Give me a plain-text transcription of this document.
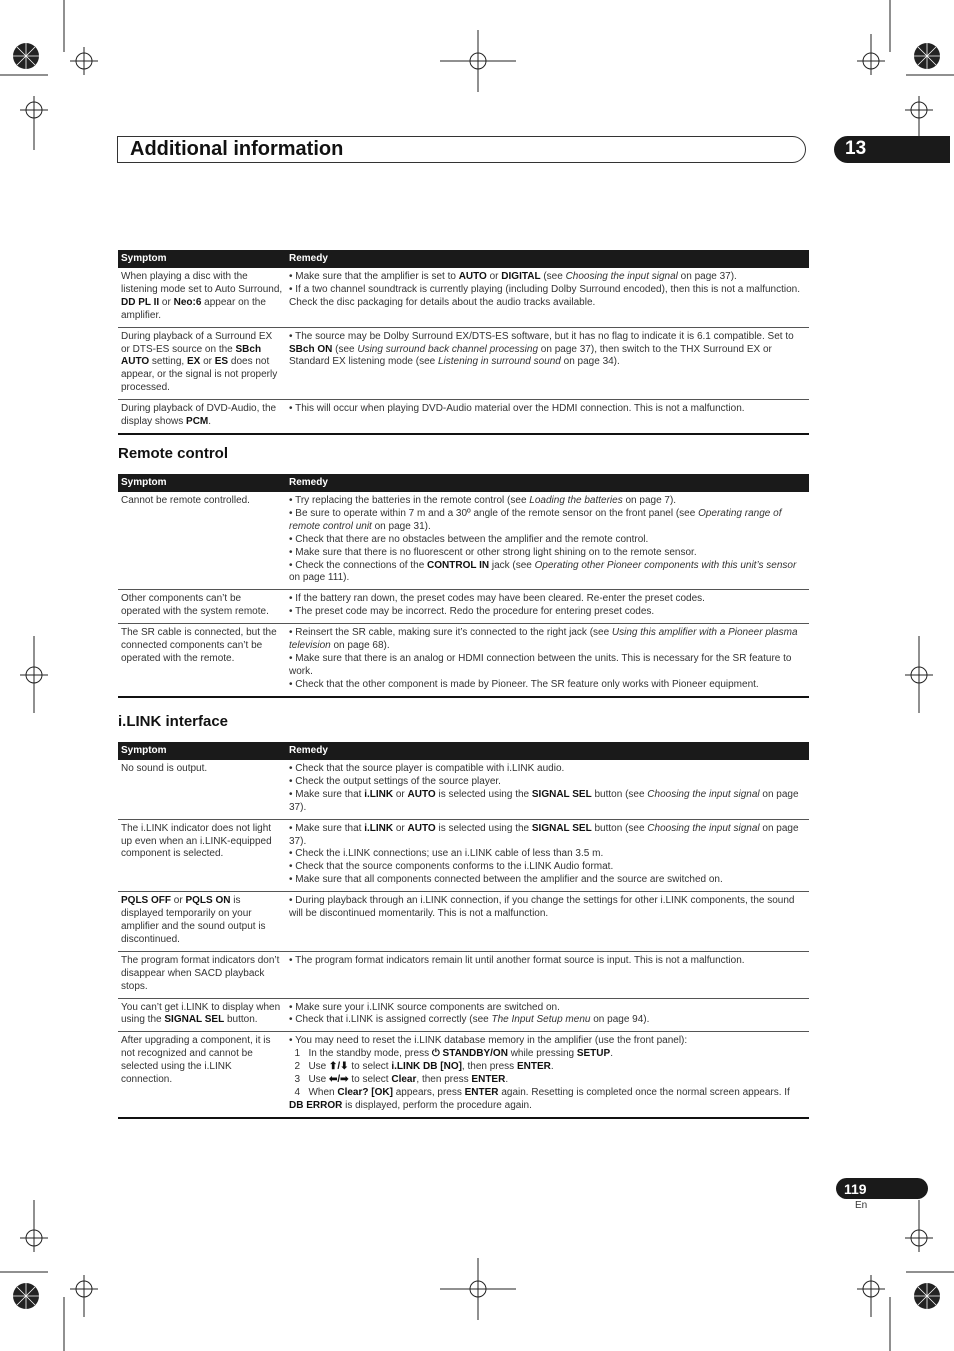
Additional information	13
Symptom	Remedy
When playing a disc with the listening mode set to Auto Surround, DD PL II or Neo:6 appear on the amplifier.	• Make sure that the amplifier is set to AUTO or DIGITAL (see Choosing the input signal on page 37).
• If a two channel soundtrack is currently playing (including Dolby Surround encoded), then this is not a malfunction. Check the disc packaging for details about the audio tracks available.

During playback of a Surround EX or DTS-ES source on the SBch AUTO setting, EX or ES does not appear, or the signal is not properly processed.	• The source may be Dolby Surround EX/DTS-ES software, but it has no flag to indicate it is 6.1 compatible. Set to SBch ON (see Using surround back channel processing on page 37), then switch to the THX Surround EX or Standard EX listening mode (see Listening in surround sound on page 34).
During playback of DVD-Audio, the display shows PCM.	• This will occur when playing DVD-Audio material over the HDMI connection. This is not a malfunction.
Remote control
Symptom	Remedy
Cannot be remote controlled.	• Try replacing the batteries in the remote control (see Loading the batteries on page 7).
• Be sure to operate within 7 m and a 30º angle of the remote sensor on the front panel (see Operating range of remote control unit on page 31).
• Check that there are no obstacles between the amplifier and the remote control.
• Make sure that there is no fluorescent or other strong light shining on to the remote sensor.
• Check the connections of the CONTROL IN jack (see Operating other Pioneer components with this unit’s sensor on page 111).

Other components can’t be operated with the system remote.	• If the battery ran down, the preset codes may have been cleared. Re-enter the preset codes.
• The preset code may be incorrect. Redo the procedure for entering preset codes.

The SR cable is connected, but the connected components can’t be operated with the remote.	• Reinsert the SR cable, making sure it’s connected to the right jack (see Using this amplifier with a Pioneer plasma television on page 68).
• Make sure that there is an analog or HDMI connection between the units. This is necessary for the SR feature to work.
• Check that the other component is made by Pioneer. The SR feature only works with Pioneer equipment.
i.LINK interface
Symptom	Remedy
No sound is output.	• Check that the source player is compatible with i.LINK audio.
• Check the output settings of the source player.
• Make sure that i.LINK or AUTO is selected using the SIGNAL SEL button (see Choosing the input signal on page 37).

The i.LINK indicator does not light up even when an i.LINK-equipped component is selected.	• Make sure that i.LINK or AUTO is selected using the SIGNAL SEL button (see Choosing the input signal on page 37).
• Check the i.LINK connections; use an i.LINK cable of less than 3.5 m.
• Check that the source components conforms to the i.LINK Audio format.
• Make sure that all components connected between the amplifier and the source are switched on.

PQLS OFF or PQLS ON is displayed temporarily on your amplifier and the sound output is discontinued.	• During playback through an i.LINK connection, if you change the settings for other i.LINK components, the sound will be discontinued momentarily. This is not a malfunction.
The program format indicators don’t disappear when SACD playback stops.	• The program format indicators remain lit until another format source is input. This is not a malfunction.
You can’t get i.LINK to display when using the SIGNAL SEL button.	• Make sure your i.LINK source components are switched on.
• Check that i.LINK is assigned correctly (see The Input Setup menu on page 94).

After upgrading a component, it is not recognized and cannot be selected using the i.LINK connection.	• You may need to reset the i.LINK database memory in the amplifier (use the front panel):
1   In the standby mode, press ⏻ STANDBY/ON while pressing SETUP.
2   Use ⬆/⬇ to select i.LINK DB [NO], then press ENTER.
3   Use ⬅/➡ to select Clear, then press ENTER.
4   When Clear? [OK] appears, press ENTER again. Resetting is completed once the normal screen appears. If DB ERROR is displayed, perform the procedure again.
119
En
